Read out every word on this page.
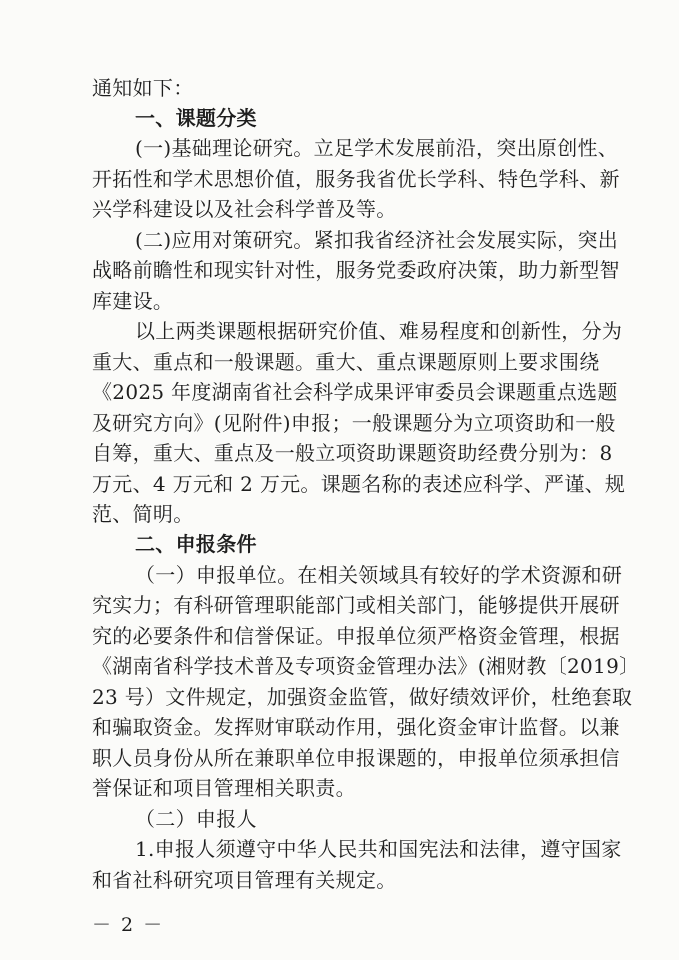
通知如下：
一、课题分类
(一)基础理论研究。立足学术发展前沿，突出原创性、
开拓性和学术思想价值，服务我省优长学科、特色学科、新
兴学科建设以及社会科学普及等。
(二)应用对策研究。紧扣我省经济社会发展实际，突出
战略前瞻性和现实针对性，服务党委政府决策，助力新型智
库建设。
以上两类课题根据研究价值、难易程度和创新性，分为
重大、重点和一般课题。重大、重点课题原则上要求围绕
《2025 年度湖南省社会科学成果评审委员会课题重点选题
及研究方向》(见附件)申报；一般课题分为立项资助和一般
自筹，重大、重点及一般立项资助课题资助经费分别为：8
万元、4 万元和 2 万元。课题名称的表述应科学、严谨、规
范、简明。
二、申报条件
（一）申报单位。在相关领域具有较好的学术资源和研
究实力；有科研管理职能部门或相关部门，能够提供开展研
究的必要条件和信誉保证。申报单位须严格资金管理，根据
《湖南省科学技术普及专项资金管理办法》(湘财教〔2019〕
23 号）文件规定，加强资金监管，做好绩效评价，杜绝套取
和骗取资金。发挥财审联动作用，强化资金审计监督。以兼
职人员身份从所在兼职单位申报课题的，申报单位须承担信
誉保证和项目管理相关职责。
（二）申报人
1.申报人须遵守中华人民共和国宪法和法律，遵守国家
和省社科研究项目管理有关规定。
－ 2 －
